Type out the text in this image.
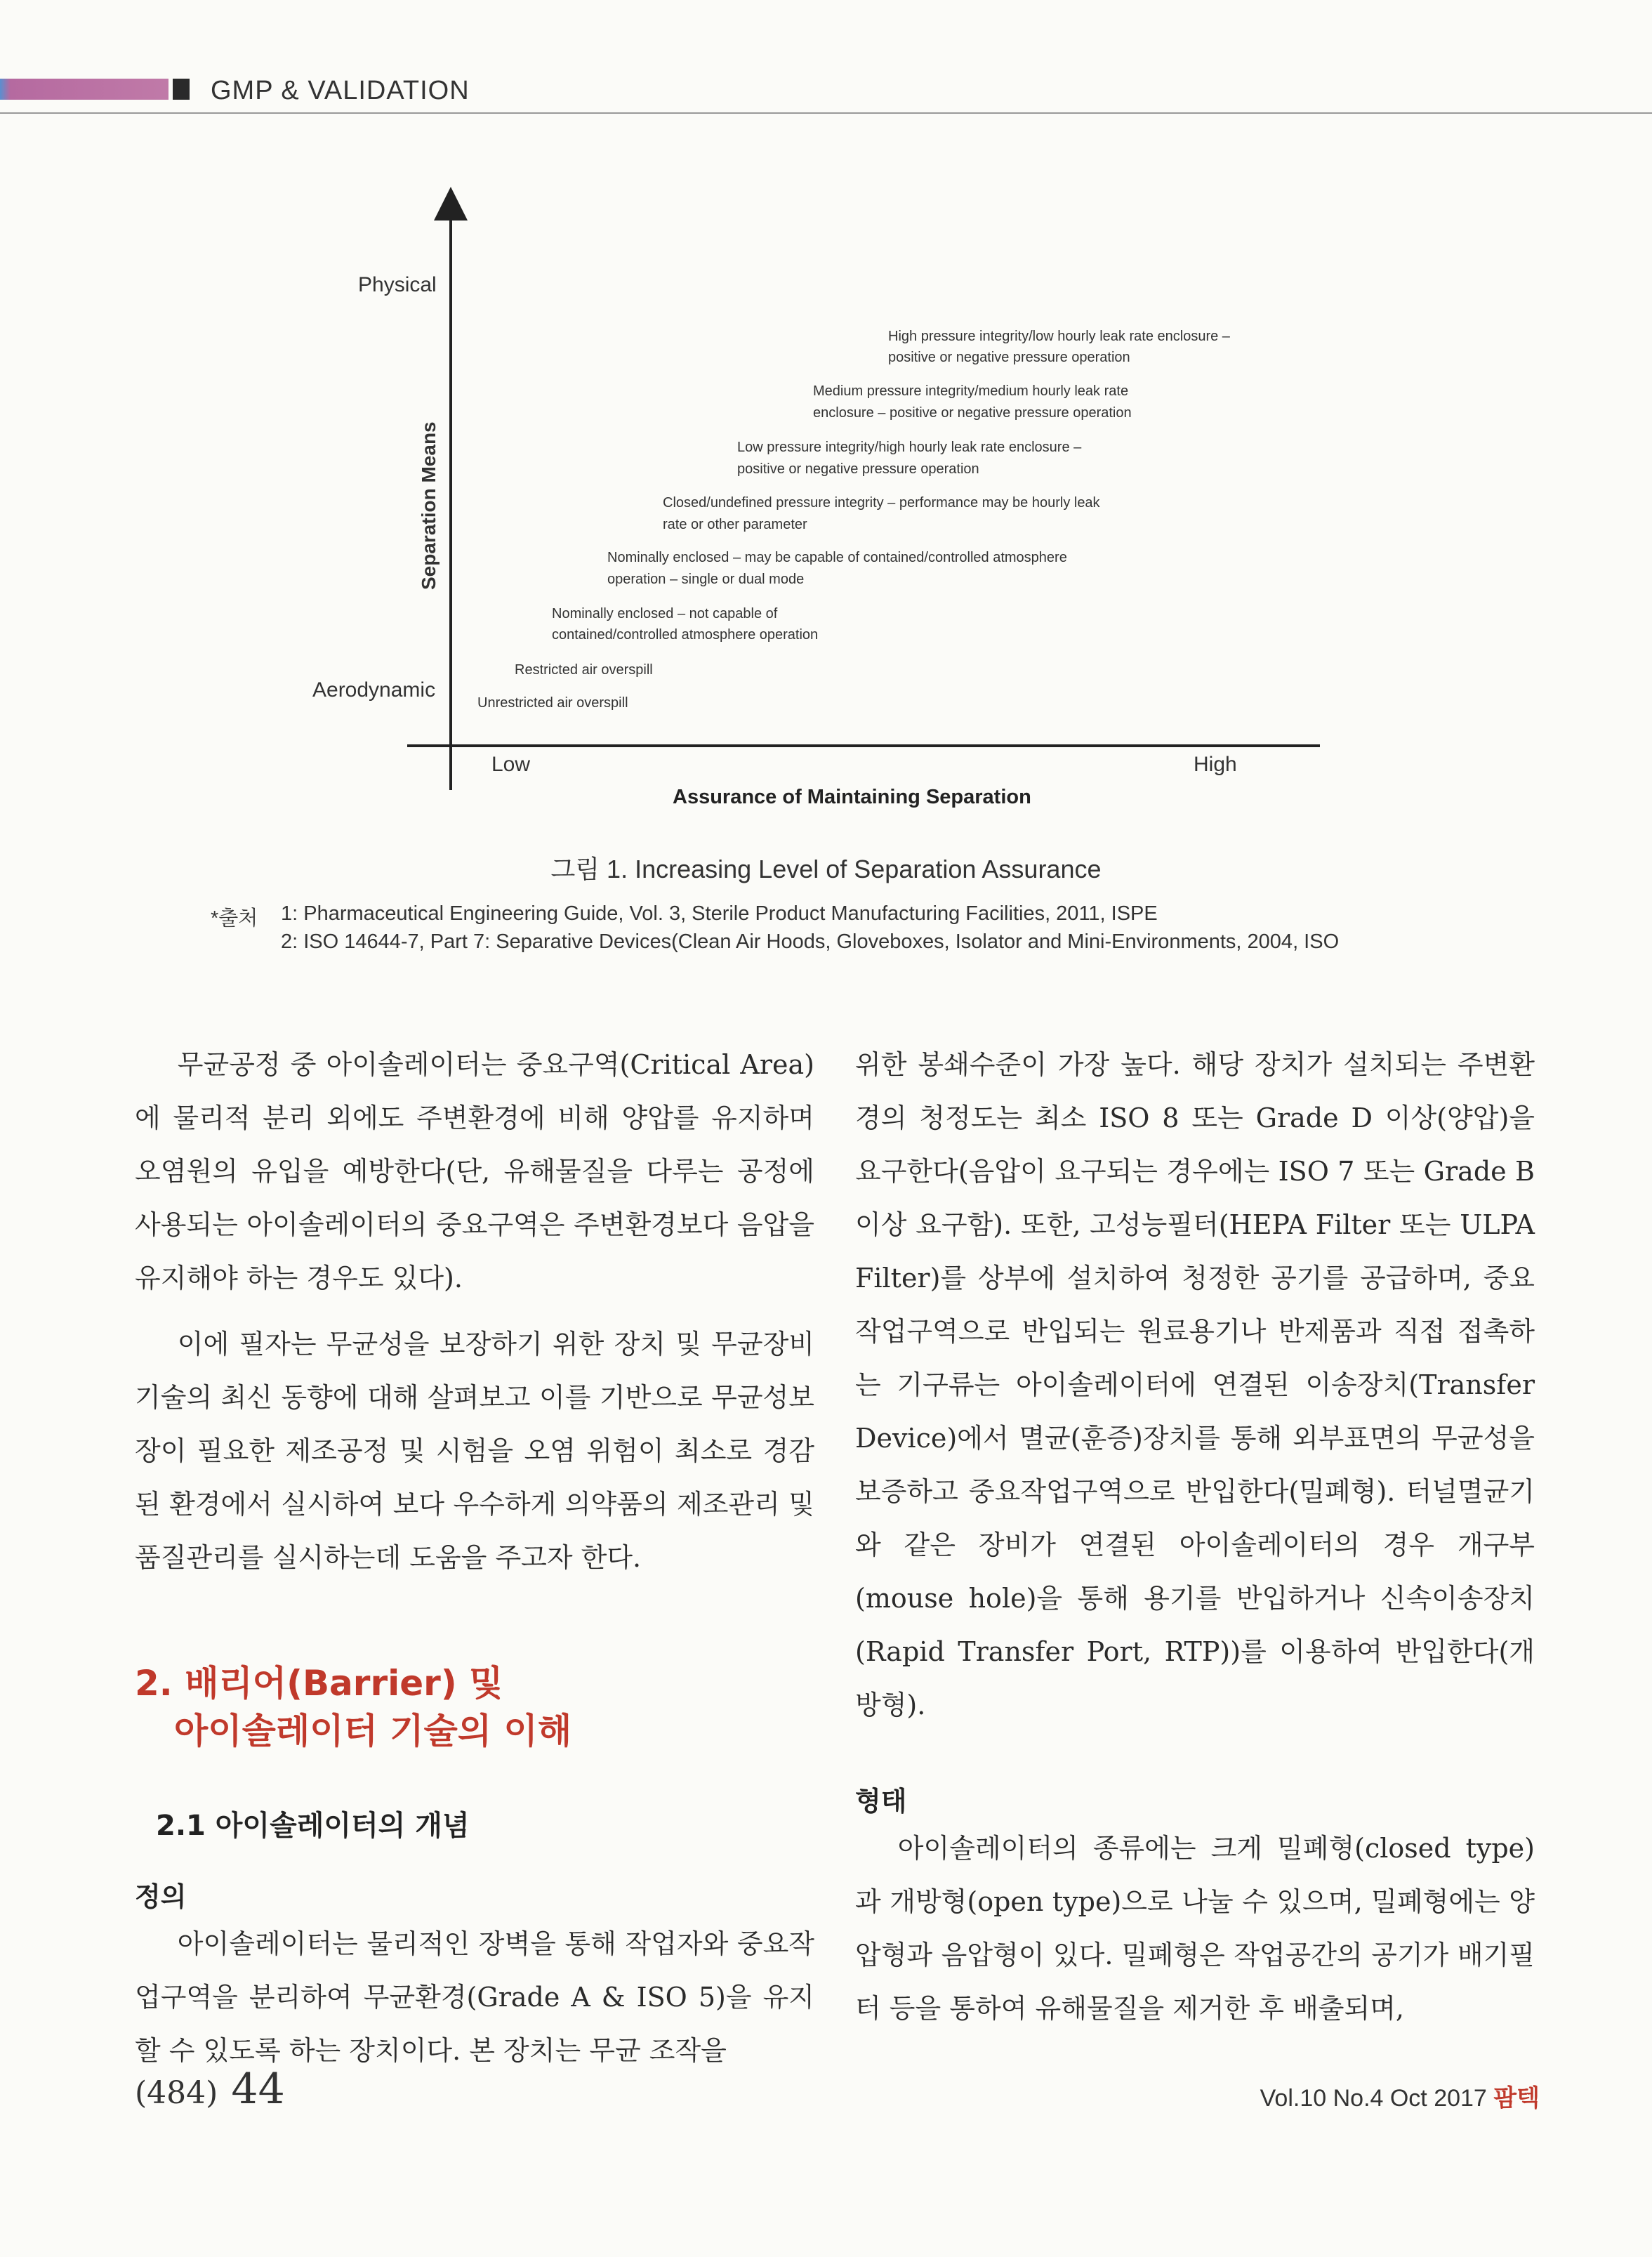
GMP & VALIDATION
Physical
Aerodynamic
Separation Means
Low	High
Assurance of Maintaining Separation
Unrestricted air overspill
Restricted air overspill
Nominally enclosed – not capable of
contained/controlled atmosphere operation
Nominally enclosed – may be capable of contained/controlled atmosphere
operation – single or dual mode
Closed/undefined pressure integrity – performance may be hourly leak
rate or other parameter
Low pressure integrity/high hourly leak rate enclosure –
positive or negative pressure operation
Medium pressure integrity/medium hourly leak rate
enclosure – positive or negative pressure operation
High pressure integrity/low hourly leak rate enclosure –
positive or negative pressure operation
그림 1. Increasing Level of Separation Assurance
*출처 1: Pharmaceutical Engineering Guide, Vol. 3, Sterile Product Manufacturing Facilities, 2011, ISPE
2: ISO 14644-7, Part 7: Separative Devices(Clean Air Hoods, Gloveboxes, Isolator and Mini-Environments, 2004, ISO

무균공정 중 아이솔레이터는 중요구역(Critical Area)에 물리적 분리 외에도 주변환경에 비해 양압를 유지하며 오염원의 유입을 예방한다(단, 유해물질을 다루는 공정에 사용되는 아이솔레이터의 중요구역은 주변환경보다 음압을 유지해야 하는 경우도 있다).

이에 필자는 무균성을 보장하기 위한 장치 및 무균장비기술의 최신 동향에 대해 살펴보고 이를 기반으로 무균성보장이 필요한 제조공정 및 시험을 오염 위험이 최소로 경감된 환경에서 실시하여 보다 우수하게 의약품의 제조관리 및 품질관리를 실시하는데 도움을 주고자 한다.

2. 배리어(Barrier) 및
아이솔레이터 기술의 이해
2.1 아이솔레이터의 개념
정의

아이솔레이터는 물리적인 장벽을 통해 작업자와 중요작업구역을 분리하여 무균환경(Grade A & ISO 5)을 유지할 수 있도록 하는 장치이다. 본 장치는 무균 조작을

위한 봉쇄수준이 가장 높다. 해당 장치가 설치되는 주변환경의 청정도는 최소 ISO 8 또는 Grade D 이상(양압)을 요구한다(음압이 요구되는 경우에는 ISO 7 또는 Grade B 이상 요구함). 또한, 고성능필터(HEPA Filter 또는 ULPA Filter)를 상부에 설치하여 청정한 공기를 공급하며, 중요작업구역으로 반입되는 원료용기나 반제품과 직접 접촉하는 기구류는 아이솔레이터에 연결된 이송장치(Transfer Device)에서 멸균(훈증)장치를 통해 외부표면의 무균성을 보증하고 중요작업구역으로 반입한다(밀폐형). 터널멸균기와 같은 장비가 연결된 아이솔레이터의 경우 개구부(mouse hole)을 통해 용기를 반입하거나 신속이송장치(Rapid Transfer Port, RTP))를 이용하여 반입한다(개방형).

형태

아이솔레이터의 종류에는 크게 밀폐형(closed type)과 개방형(open type)으로 나눌 수 있으며, 밀폐형에는 양압형과 음압형이 있다. 밀폐형은 작업공간의 공기가 배기필터 등을 통하여 유해물질을 제거한 후 배출되며,

(484) 44	Vol.10 No.4 Oct 2017 팜텍
